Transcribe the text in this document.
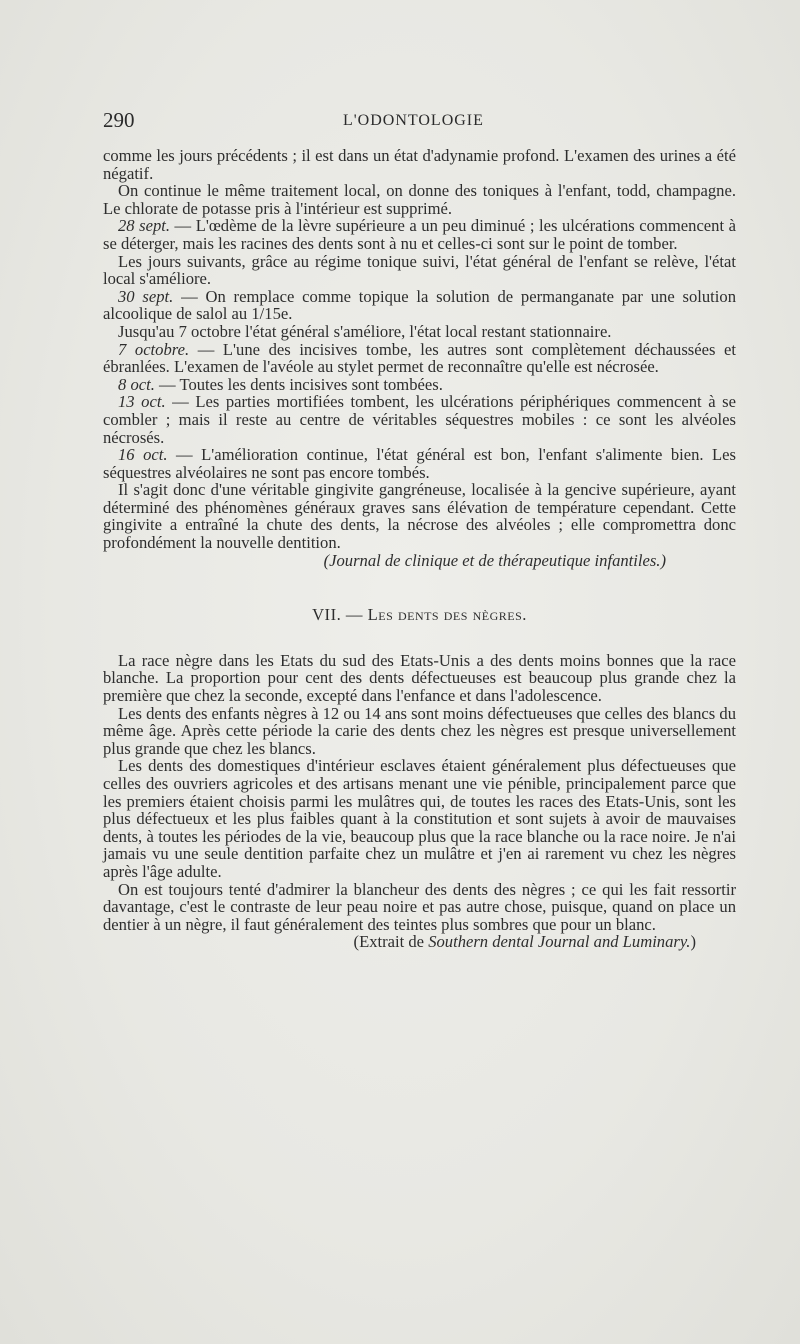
290	L'ODONTOLOGIE

comme les jours précédents ; il est dans un état d'adynamie profond. L'examen des urines a été négatif.

On continue le même traitement local, on donne des toniques à l'enfant, todd, champagne. Le chlorate de potasse pris à l'intérieur est supprimé.

28 sept. — L'œdème de la lèvre supérieure a un peu diminué ; les ulcérations commencent à se déterger, mais les racines des dents sont à nu et celles-ci sont sur le point de tomber.

Les jours suivants, grâce au régime tonique suivi, l'état général de l'enfant se relève, l'état local s'améliore.

30 sept. — On remplace comme topique la solution de permanganate par une solution alcoolique de salol au 1/15e.

Jusqu'au 7 octobre l'état général s'améliore, l'état local restant stationnaire.

7 octobre. — L'une des incisives tombe, les autres sont complètement déchaussées et ébranlées. L'examen de l'avéole au stylet permet de reconnaître qu'elle est nécrosée.

8 oct. — Toutes les dents incisives sont tombées.

13 oct. — Les parties mortifiées tombent, les ulcérations périphériques commencent à se combler ; mais il reste au centre de véritables séquestres mobiles : ce sont les alvéoles nécrosés.

16 oct. — L'amélioration continue, l'état général est bon, l'enfant s'alimente bien. Les séquestres alvéolaires ne sont pas encore tombés.

Il s'agit donc d'une véritable gingivite gangréneuse, localisée à la gencive supérieure, ayant déterminé des phénomènes généraux graves sans élévation de température cependant. Cette gingivite a entraîné la chute des dents, la nécrose des alvéoles ; elle compromettra donc profondément la nouvelle dentition.

(Journal de clinique et de thérapeutique infantiles.)

VII. — Les dents des nègres.

La race nègre dans les Etats du sud des Etats-Unis a des dents moins bonnes que la race blanche. La proportion pour cent des dents défectueuses est beaucoup plus grande chez la première que chez la seconde, excepté dans l'enfance et dans l'adolescence.

Les dents des enfants nègres à 12 ou 14 ans sont moins défectueuses que celles des blancs du même âge. Après cette période la carie des dents chez les nègres est presque universellement plus grande que chez les blancs.

Les dents des domestiques d'intérieur esclaves étaient généralement plus défectueuses que celles des ouvriers agricoles et des artisans menant une vie pénible, principalement parce que les premiers étaient choisis parmi les mulâtres qui, de toutes les races des Etats-Unis, sont les plus défectueux et les plus faibles quant à la constitution et sont sujets à avoir de mauvaises dents, à toutes les périodes de la vie, beaucoup plus que la race blanche ou la race noire. Je n'ai jamais vu une seule dentition parfaite chez un mulâtre et j'en ai rarement vu chez les nègres après l'âge adulte.

On est toujours tenté d'admirer la blancheur des dents des nègres ; ce qui les fait ressortir davantage, c'est le contraste de leur peau noire et pas autre chose, puisque, quand on place un dentier à un nègre, il faut généralement des teintes plus sombres que pour un blanc.

(Extrait de Southern dental Journal and Luminary.)
